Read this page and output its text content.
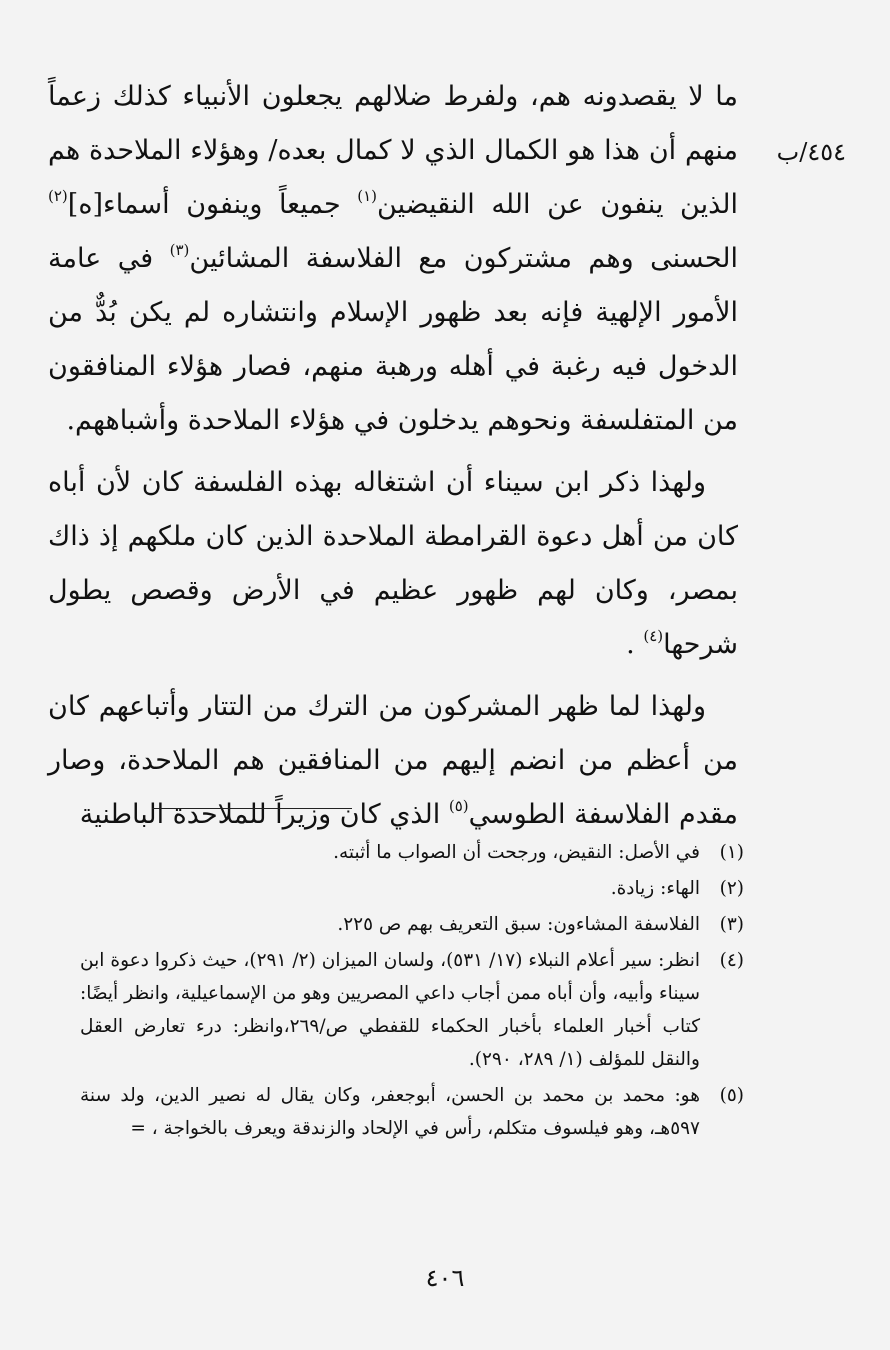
٤٥٤/ب

ما لا يقصدونه هم، ولفرط ضلالهم يجعلون الأنبياء كذلك زعماً منهم أن هذا هو الكمال الذي لا كمال بعده/ وهؤلاء الملاحدة هم الذين ينفون عن الله النقيضين$^{(١)}$ جميعاً وينفون أسماء[ه]$^{(٢)}$ الحسنى وهم مشتركون مع الفلاسفة المشائين$^{(٣)}$ في عامة الأمور الإلهية فإنه بعد ظهور الإسلام وانتشاره لم يكن بُدٌّ من الدخول فيه رغبة في أهله ورهبة منهم، فصار هؤلاء المنافقون من المتفلسفة ونحوهم يدخلون في هؤلاء الملاحدة وأشباههم.

ولهذا ذكر ابن سيناء أن اشتغاله بهذه الفلسفة كان لأن أباه كان من أهل دعوة القرامطة الملاحدة الذين كان ملكهم إذ ذاك بمصر، وكان لهم ظهور عظيم في الأرض وقصص يطول شرحها$^{(٤)}$ .

ولهذا لما ظهر المشركون من الترك من التتار وأتباعهم كان من أعظم من انضم إليهم من المنافقين هم الملاحدة، وصار مقدم الفلاسفة الطوسي$^{(٥)}$ الذي كان وزيراً للملاحدة الباطنية

(١)
في الأصل: النقيض، ورجحت أن الصواب ما أثبته.
(٢)
الهاء: زيادة.
(٣)
الفلاسفة المشاءون: سبق التعريف بهم ص ٢٢٥.
(٤)
انظر: سير أعلام النبلاء (١٧/ ٥٣١)، ولسان الميزان (٢/ ٢٩١)، حيث ذكروا دعوة ابن سيناء وأبيه، وأن أباه ممن أجاب داعي المصريين وهو من الإسماعيلية، وانظر أيضًا: كتاب أخبار العلماء بأخبار الحكماء للقفطي ص/٢٦٩،وانظر: درء تعارض العقل والنقل للمؤلف (١/ ٢٨٩، ٢٩٠).
(٥)
هو: محمد بن محمد بن الحسن، أبوجعفر، وكان يقال له نصير الدين، ولد سنة ٥٩٧هـ، وهو فيلسوف متكلم، رأس في الإلحاد والزندقة ويعرف بالخواجة ، =
٤٠٦
